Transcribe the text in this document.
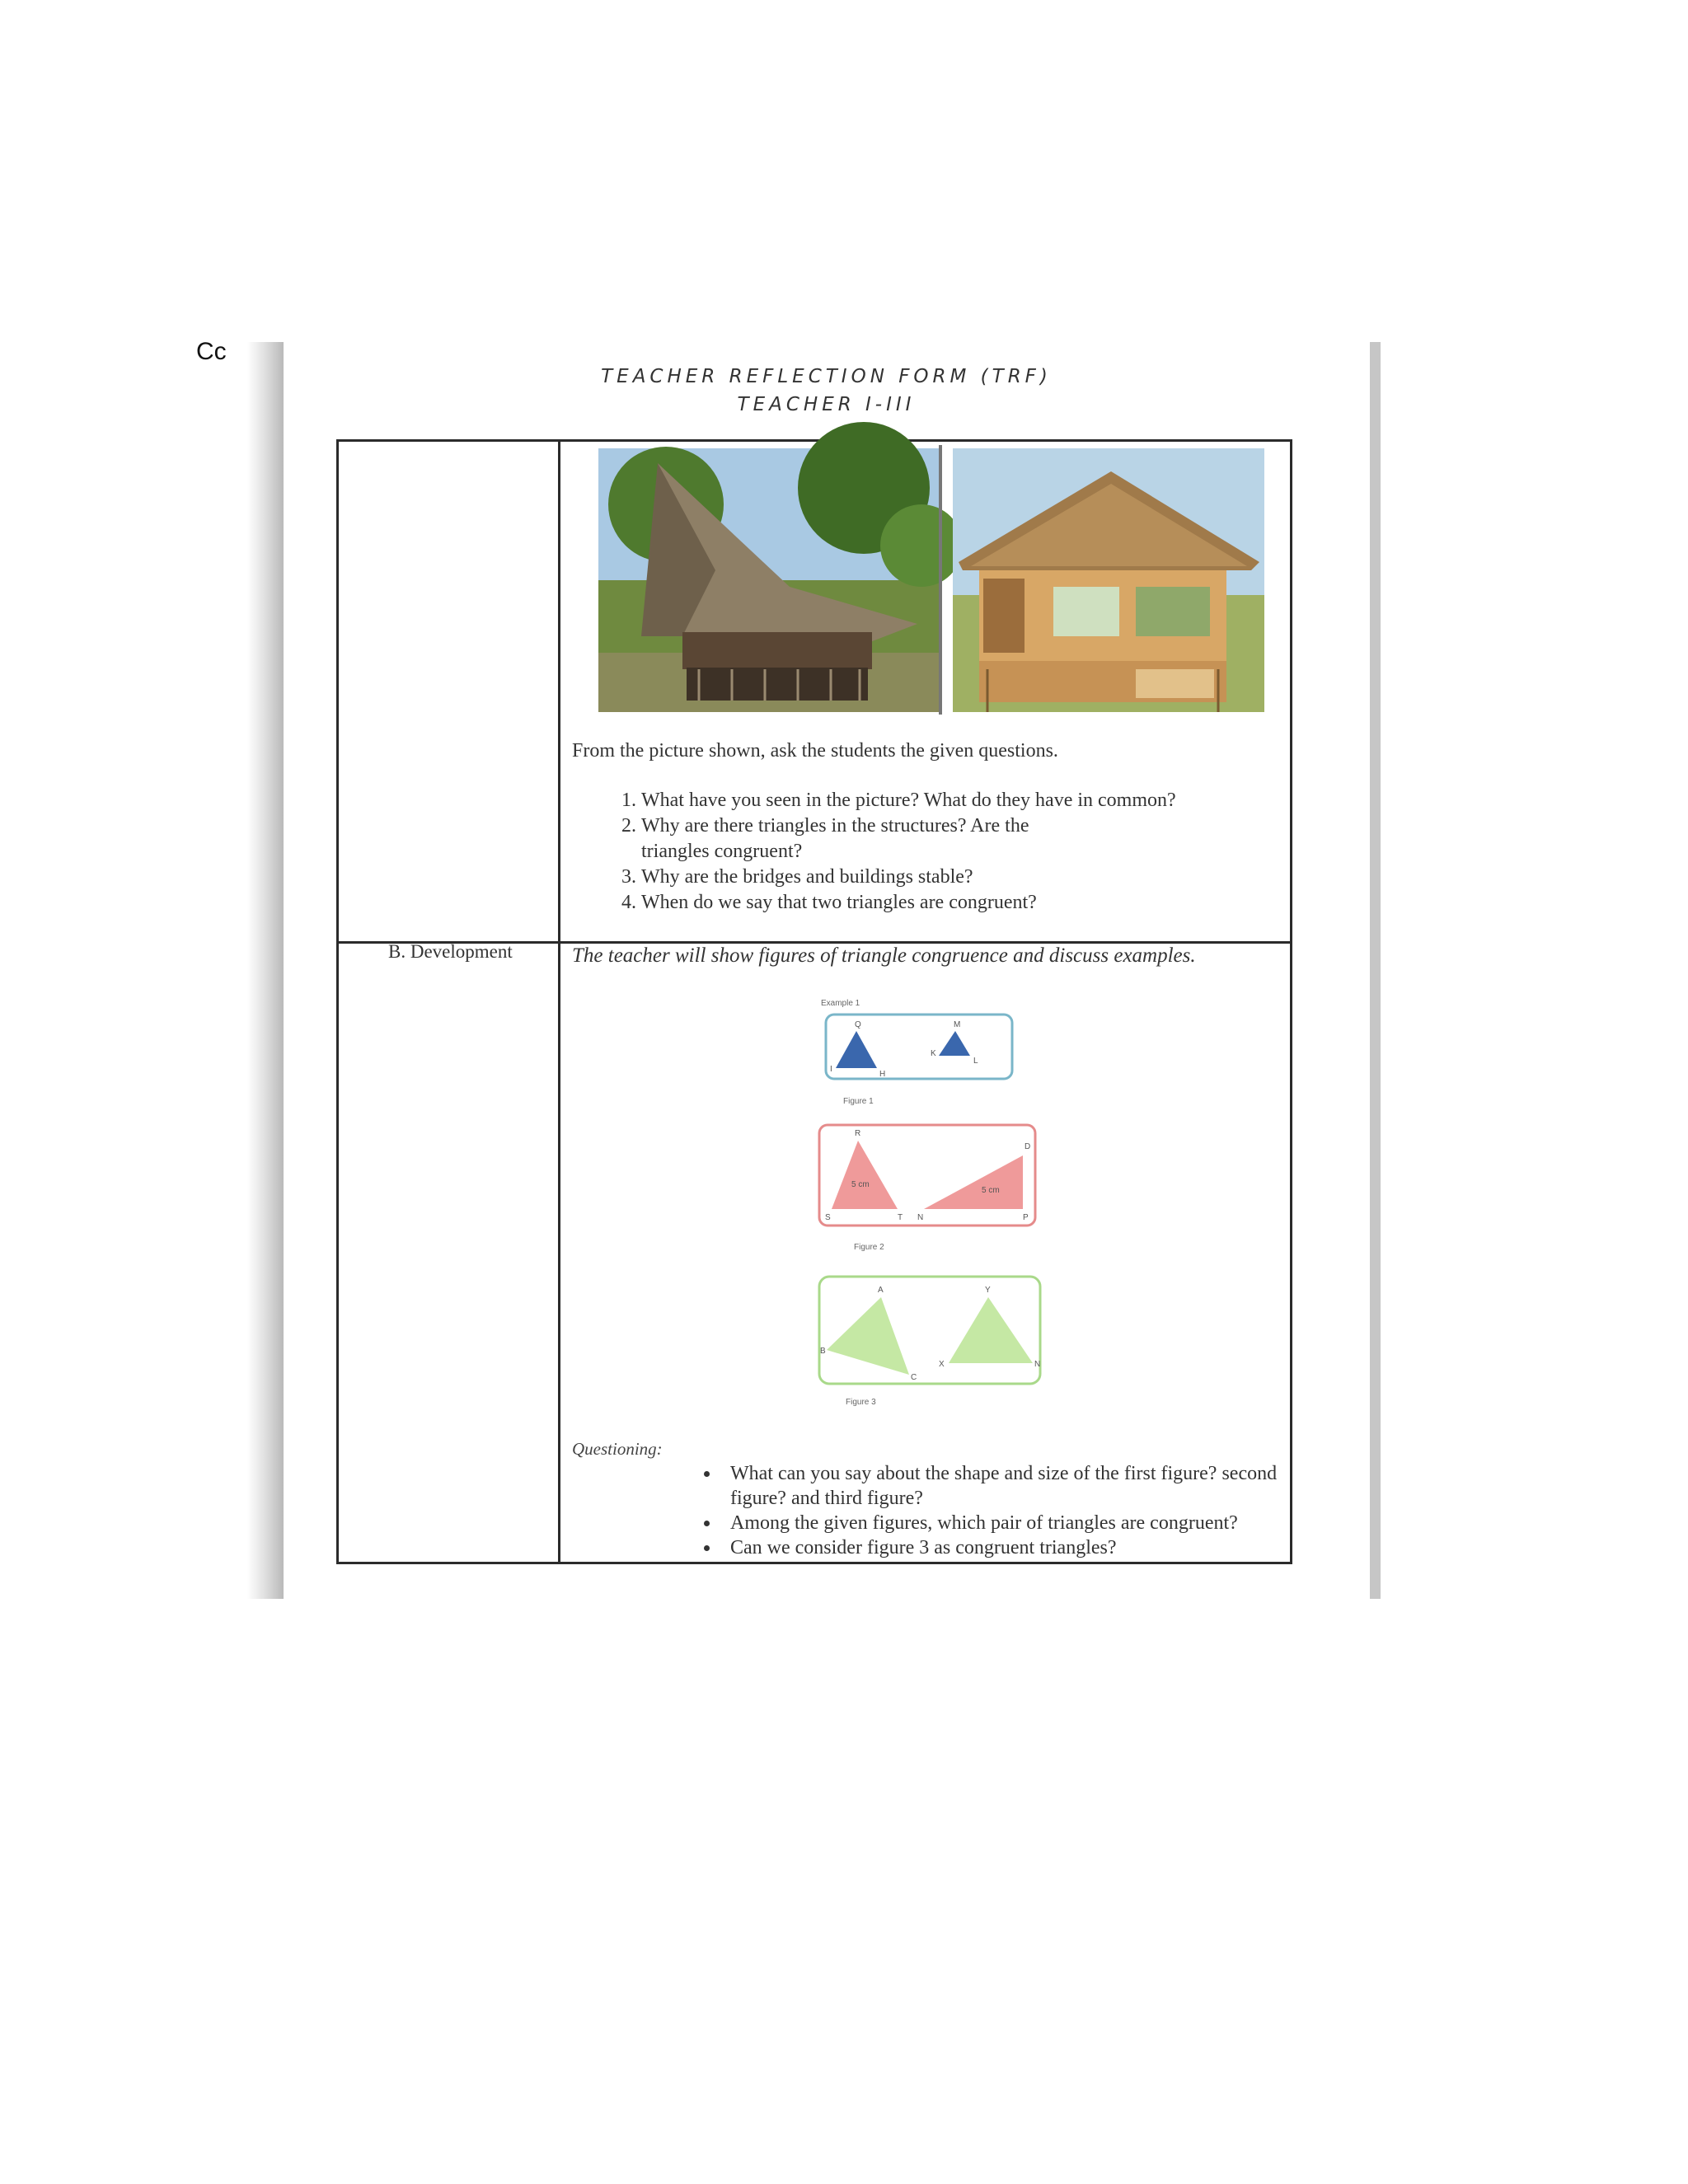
Cc
TEACHER REFLECTION FORM (TRF)
TEACHER I-III
From the picture shown, ask the students the given questions.
1. What have you seen in the picture? What do they have in common?
2. Why are there triangles in the structures? Are the triangles congruent?
3. Why are the bridges and buildings stable?
4. When do we say that two triangles are congruent?
B. Development	The teacher will show figures of triangle congruence and discuss examples.
Example 1
Q
I
H
M
K
L
Figure 1
R
S	T
D
N	P
5 cm
5 cm
Figure 2
A
B
C
Y
X	N
Figure 3
Questioning:
• What can you say about the shape and size of the first figure? second figure? and third figure?
• Among the given figures, which pair of triangles are congruent?
• Can we consider figure 3 as congruent triangles?
